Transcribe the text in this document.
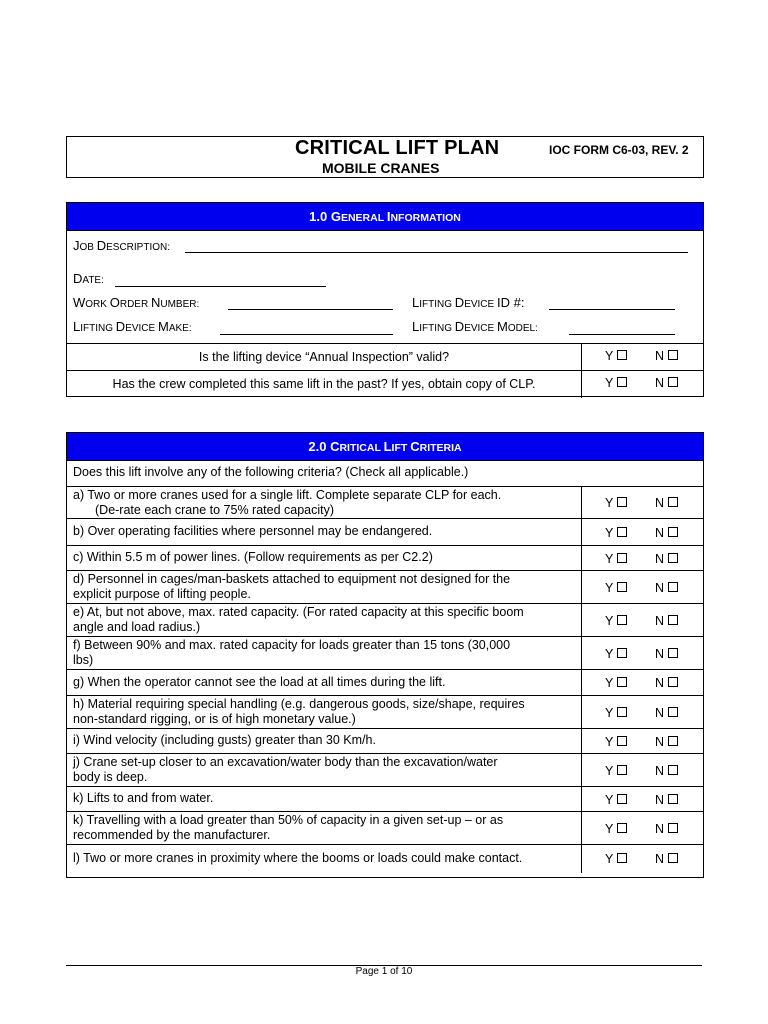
CRITICAL LIFT PLAN
MOBILE CRANES
IOC FORM C6-03, REV. 2
1.0 GENERAL INFORMATION
JOB DESCRIPTION:
DATE:
WORK ORDER NUMBER:	LIFTING DEVICE ID #:
LIFTING DEVICE MAKE:	LIFTING DEVICE MODEL:
Is the lifting device “Annual Inspection” valid?	Y	N
Has the crew completed this same lift in the past? If yes, obtain copy of CLP.	Y	N
2.0 CRITICAL LIFT CRITERIA
Does this lift involve any of the following criteria? (Check all applicable.)
a) Two or more cranes used for a single lift. Complete separate CLP for each.
(De-rate each crane to 75% rated capacity)	Y	N
b) Over operating facilities where personnel may be endangered.	Y	N
c) Within 5.5 m of power lines. (Follow requirements as per C2.2)	Y	N
d) Personnel in cages/man-baskets attached to equipment not designed for the
explicit purpose of lifting people.	Y	N
e) At, but not above, max. rated capacity. (For rated capacity at this specific boom
angle and load radius.)	Y	N
f) Between 90% and max. rated capacity for loads greater than 15 tons (30,000
lbs)	Y	N
g) When the operator cannot see the load at all times during the lift.	Y	N
h) Material requiring special handling (e.g. dangerous goods, size/shape, requires
non-standard rigging, or is of high monetary value.)	Y	N
i) Wind velocity (including gusts) greater than 30 Km/h.	Y	N
j) Crane set-up closer to an excavation/water body than the excavation/water
body is deep.	Y	N
k) Lifts to and from water.	Y	N
k) Travelling with a load greater than 50% of capacity in a given set-up – or as
recommended by the manufacturer.	Y	N
l) Two or more cranes in proximity where the booms or loads could make contact.	Y	N
Page 1 of 10
